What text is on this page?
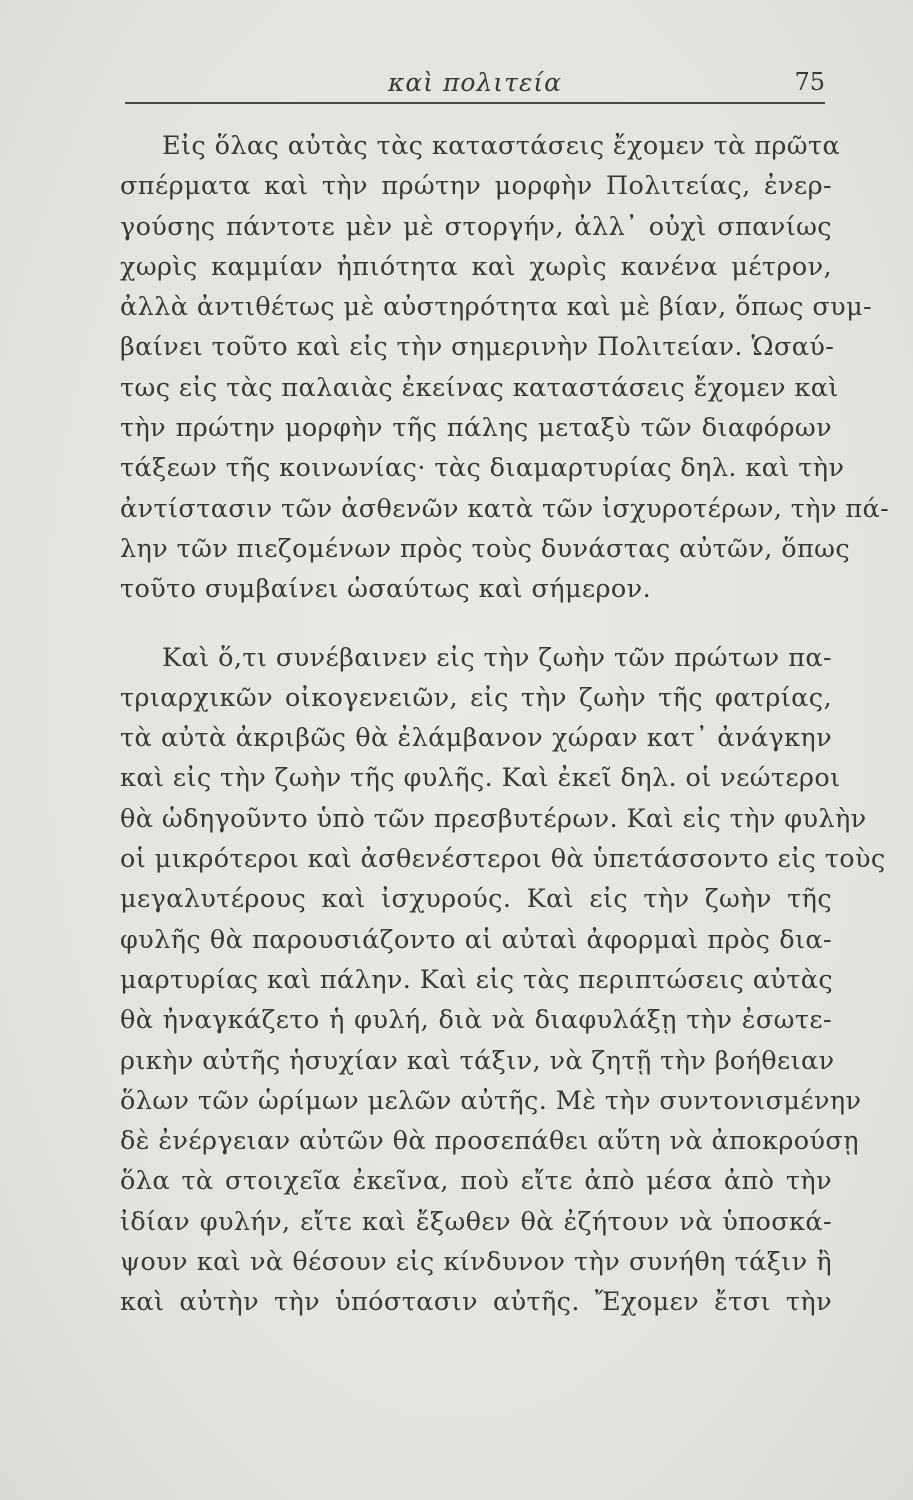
καὶ πολιτεία	75
Εἰς ὅλας αὐτὰς τὰς καταστάσεις ἔχομεν τὰ πρῶτα
σπέρματα καὶ τὴν πρώτην μορφὴν Πολιτείας, ἐνερ-
γούσης πάντοτε μὲν μὲ στοργήν, ἀλλ᾽ οὐχὶ σπανίως
χωρὶς καμμίαν ἠπιότητα καὶ χωρὶς κανένα μέτρον,
ἀλλὰ ἀντιθέτως μὲ αὐστηρότητα καὶ μὲ βίαν, ὅπως συμ-
βαίνει τοῦτο καὶ εἰς τὴν σημερινὴν Πολιτείαν. Ὡσαύ-
τως εἰς τὰς παλαιὰς ἐκείνας καταστάσεις ἔχομεν καὶ
τὴν πρώτην μορφὴν τῆς πάλης μεταξὺ τῶν διαφόρων
τάξεων τῆς κοινωνίας· τὰς διαμαρτυρίας δηλ. καὶ τὴν
ἀντίστασιν τῶν ἀσθενῶν κατὰ τῶν ἰσχυροτέρων, τὴν πά-
λην τῶν πιεζομένων πρὸς τοὺς δυνάστας αὐτῶν, ὅπως
τοῦτο συμβαίνει ὡσαύτως καὶ σήμερον.
Καὶ ὅ,τι συνέβαινεν εἰς τὴν ζωὴν τῶν πρώτων πα-
τριαρχικῶν οἰκογενειῶν, εἰς τὴν ζωὴν τῆς φατρίας,
τὰ αὐτὰ ἀκριβῶς θὰ ἐλάμβανον χώραν κατ᾽ ἀνάγκην
καὶ εἰς τὴν ζωὴν τῆς φυλῆς. Καὶ ἐκεῖ δηλ. οἱ νεώτεροι
θὰ ὡδηγοῦντο ὑπὸ τῶν πρεσβυτέρων. Καὶ εἰς τὴν φυλὴν
οἱ μικρότεροι καὶ ἀσθενέστεροι θὰ ὑπετάσσοντο εἰς τοὺς
μεγαλυτέρους καὶ ἰσχυρούς. Καὶ εἰς τὴν ζωὴν τῆς
φυλῆς θὰ παρουσιάζοντο αἱ αὐταὶ ἀφορμαὶ πρὸς δια-
μαρτυρίας καὶ πάλην. Καὶ εἰς τὰς περιπτώσεις αὐτὰς
θὰ ἠναγκάζετο ἡ φυλή, διὰ νὰ διαφυλάξῃ τὴν ἐσωτε-
ρικὴν αὐτῆς ἡσυχίαν καὶ τάξιν, νὰ ζητῇ τὴν βοήθειαν
ὅλων τῶν ὡρίμων μελῶν αὐτῆς. Μὲ τὴν συντονισμένην
δὲ ἐνέργειαν αὐτῶν θὰ προσεπάθει αὕτη νὰ ἀποκρούσῃ
ὅλα τὰ στοιχεῖα ἐκεῖνα, ποὺ εἴτε ἀπὸ μέσα ἀπὸ τὴν
ἰδίαν φυλήν, εἴτε καὶ ἔξωθεν θὰ ἐζήτουν νὰ ὑποσκά-
ψουν καὶ νὰ θέσουν εἰς κίνδυνον τὴν συνήθη τάξιν ἢ
καὶ αὐτὴν τὴν ὑπόστασιν αὐτῆς. Ἔχομεν ἔτσι τὴν
